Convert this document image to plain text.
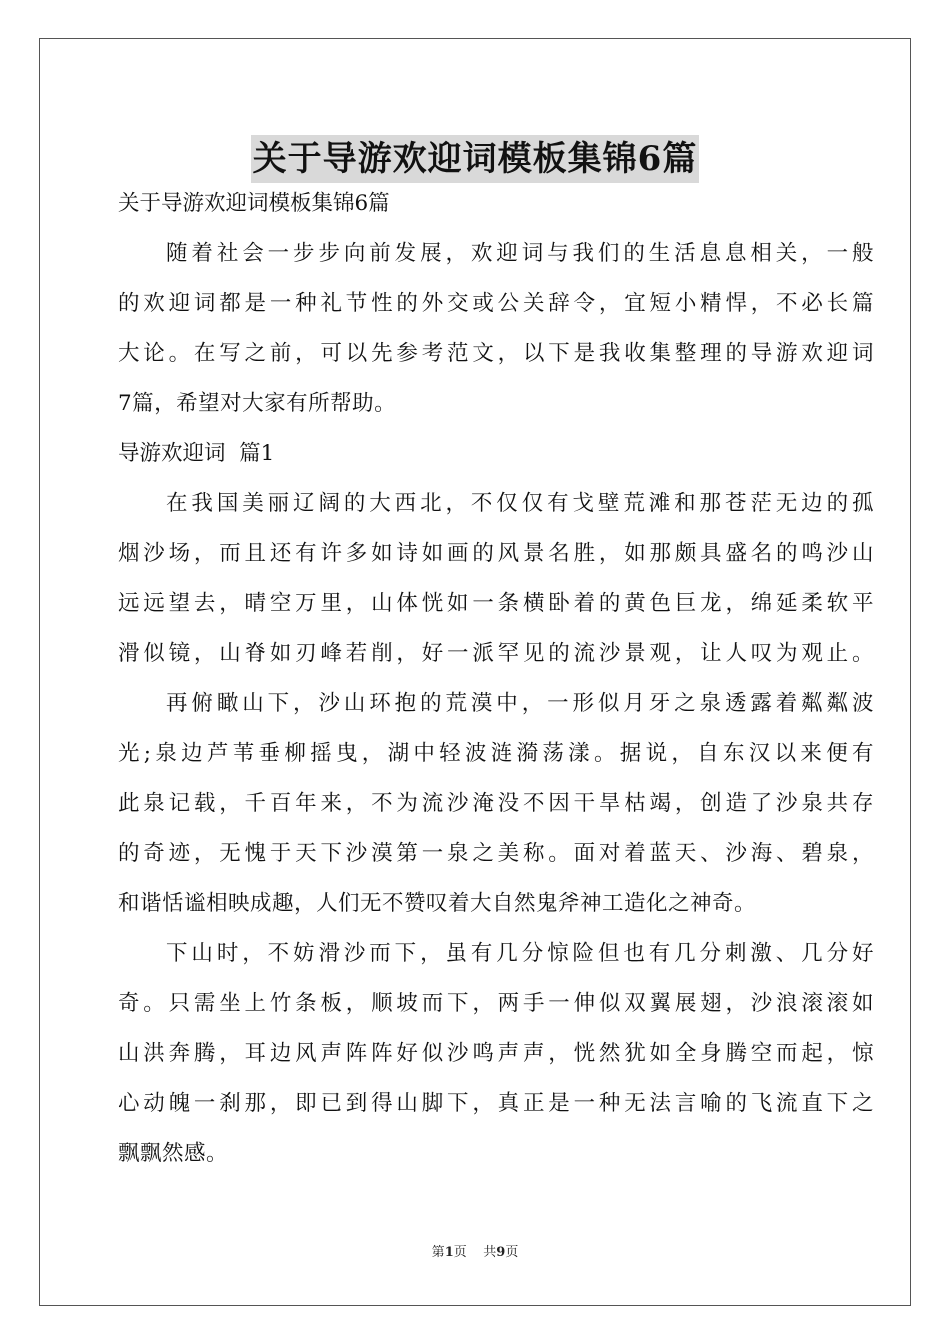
关于导游欢迎词模板集锦6篇
关于导游欢迎词模板集锦6篇
随着社会一步步向前发展，欢迎词与我们的生活息息相关，一般
的欢迎词都是一种礼节性的外交或公关辞令，宜短小精悍，不必长篇
大论。在写之前，可以先参考范文，以下是我收集整理的导游欢迎词
7篇，希望对大家有所帮助。
导游欢迎词  篇1
在我国美丽辽阔的大西北，不仅仅有戈壁荒滩和那苍茫无边的孤
烟沙场，而且还有许多如诗如画的风景名胜，如那颇具盛名的鸣沙山
远远望去，晴空万里，山体恍如一条横卧着的黄色巨龙，绵延柔软平
滑似镜，山脊如刃峰若削，好一派罕见的流沙景观，让人叹为观止。
再俯瞰山下，沙山环抱的荒漠中，一形似月牙之泉透露着粼粼波
光;泉边芦苇垂柳摇曳，湖中轻波涟漪荡漾。据说，自东汉以来便有
此泉记载，千百年来，不为流沙淹没不因干旱枯竭，创造了沙泉共存
的奇迹，无愧于天下沙漠第一泉之美称。面对着蓝天、沙海、碧泉，
和谐恬谧相映成趣，人们无不赞叹着大自然鬼斧神工造化之神奇。
下山时，不妨滑沙而下，虽有几分惊险但也有几分刺激、几分好
奇。只需坐上竹条板，顺坡而下，两手一伸似双翼展翅，沙浪滚滚如
山洪奔腾，耳边风声阵阵好似沙鸣声声，恍然犹如全身腾空而起，惊
心动魄一刹那，即已到得山脚下，真正是一种无法言喻的飞流直下之
飘飘然感。
第1页    共9页
